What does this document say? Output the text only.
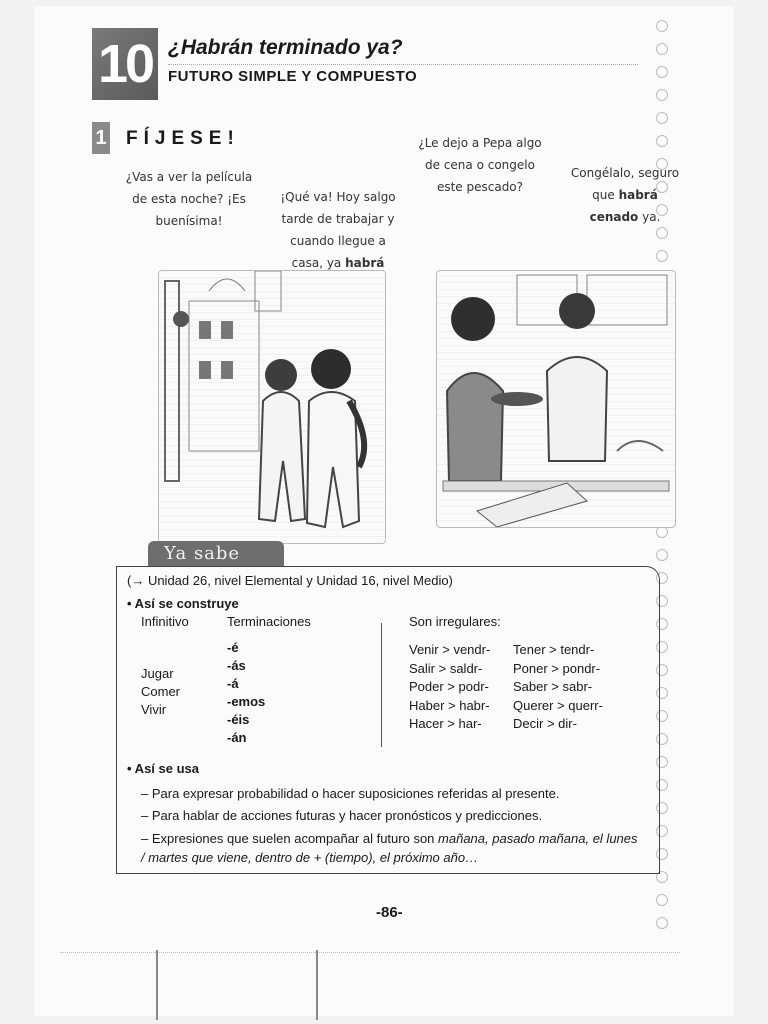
10 ¿Habrán terminado ya?
FUTURO SIMPLE Y COMPUESTO
1 FÍJESE!
¿Vas a ver la película de esta noche? ¡Es buenísima!
¡Qué va! Hoy salgo tarde de trabajar y cuando llegue a casa, ya habrá
¿Le dejo a Pepa algo de cena o congelo este pescado?
Congélalo, seguro que habrá cenado ya.
Ya sabe
(→ Unidad 26, nivel Elemental y Unidad 16, nivel Medio)
• Así se construye
Infinitivo	Terminaciones	Son irregulares:
Jugar
Comer
Vivir
-é
-ás
-á
-emos
-éis
-án
Venir > vendr-
Salir > saldr-
Poder > podr-
Haber > habr-
Hacer > har-
Tener > tendr-
Poner > pondr-
Saber > sabr-
Querer > querr-
Decir > dir-
• Así se usa
– Para expresar probabilidad o hacer suposiciones referidas al presente.
– Para hablar de acciones futuras y hacer pronósticos y predicciones.
– Expresiones que suelen acompañar al futuro son mañana, pasado mañana, el lunes / martes que viene, dentro de + (tiempo), el próximo año…
-86-
